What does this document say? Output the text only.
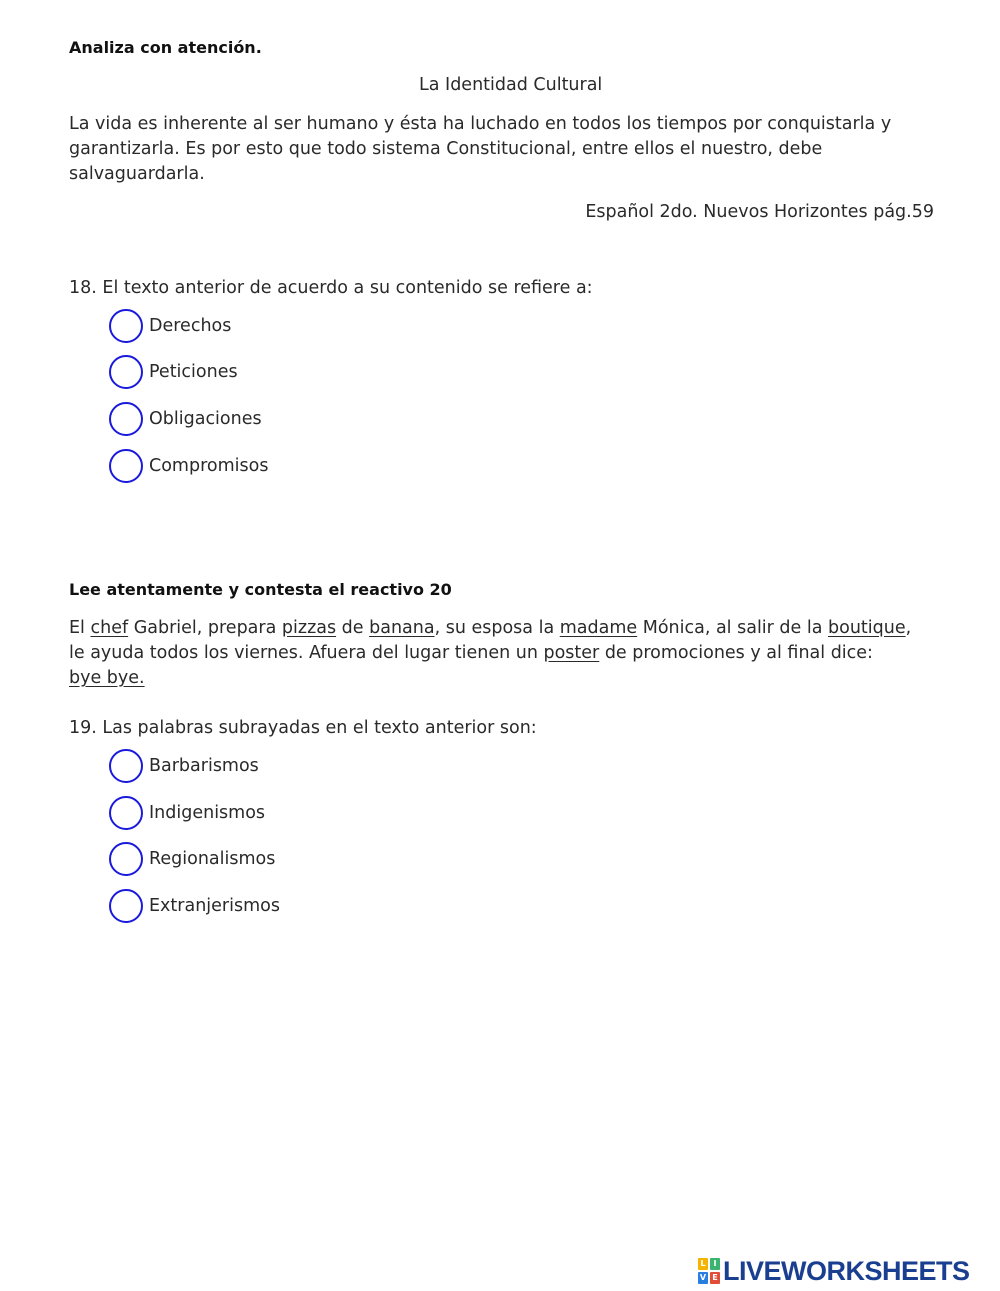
Analiza con atención.
La Identidad Cultural
La vida es inherente al ser humano y ésta ha luchado en todos los tiempos por conquistarla y
garantizarla. Es por esto que todo sistema Constitucional, entre ellos el nuestro, debe
salvaguardarla.
Español 2do. Nuevos Horizontes pág.59
18. El texto anterior de acuerdo a su contenido se refiere a:
Derechos
Peticiones
Obligaciones
Compromisos
Lee atentamente y contesta el reactivo 20
El chef Gabriel, prepara pizzas de banana, su esposa la madame Mónica, al salir de la boutique,
le ayuda todos los viernes. Afuera del lugar tienen un poster de promociones y al final dice:
bye bye.
19. Las palabras subrayadas en el texto anterior son:
Barbarismos
Indigenismos
Regionalismos
Extranjerismos
L I
V E LIVEWORKSHEETS
